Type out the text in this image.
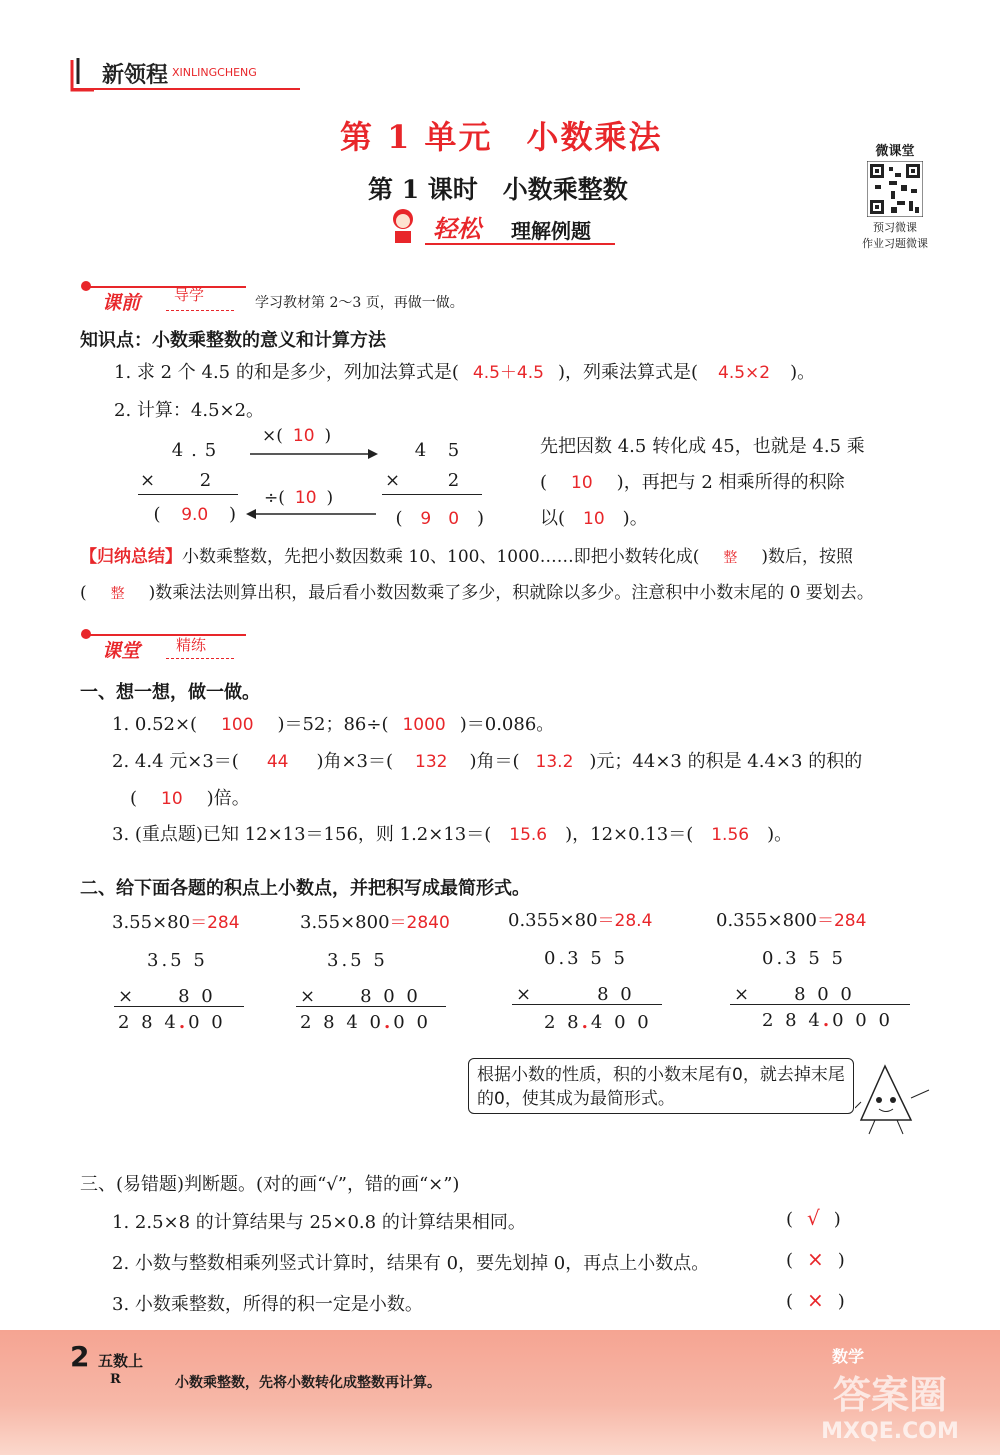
新领程 XINLINGCHENG
第 1 单元　小数乘法
第 1 课时　小数乘整数
轻松 理解例题
微课堂
预习微课
作业习题微课
课前 导学	学习教材第 2～3 页，再做一做。
知识点：小数乘整数的意义和计算方法
1. 求 2 个 4.5 的和是多少，列加法算式是( 4.5＋4.5 )，列乘法算式是( 4.5×2 )。
2. 计算：4.5×2。
4 . 5
× 2
( 9.0 )
×( 10 )
÷( 10 )
4 5
×	2
( 9　0 )
先把因数 4.5 转化成 45，也就是 4.5 乘
( 10 )，再把与 2 相乘所得的积除
以( 10 )。
【归纳总结】小数乘整数，先把小数因数乘 10、100、1000……即把小数转化成( 整 )数后，按照
( 整 )数乘法法则算出积，最后看小数因数乘了多少，积就除以多少。注意积中小数末尾的 0 要划去。
课堂 精练
一、想一想，做一做。
1. 0.52×( 100 )＝52；86÷( 1000 )＝0.086。
2. 4.4 元×3＝( 44 )角×3＝( 132 )角＝( 13.2 )元；44×3 的积是 4.4×3 的积的
( 10 )倍。
3. (重点题)已知 12×13＝156，则 1.2×13＝( 15.6 )，12×0.13＝( 1.56 )。
二、给下面各题的积点上小数点，并把积写成最简形式。
3.55×80＝284
3.5 5
×　　8 0
2 8 4.0 0
3.55×800＝2840
3.5 5
×　　8 0 0
2 8 4 0.0 0
0.355×80＝28.4
0.3 5 5
×　　　8 0
2 8.4 0 0
0.355×800＝284
0.3 5 5
×　　8 0 0
2 8 4.0 0 0
根据小数的性质，积的小数末尾有0，就去掉末尾的0，使其成为最简形式。
三、(易错题)判断题。(对的画“√”，错的画“×”)
1. 2.5×8 的计算结果与 25×0.8 的计算结果相同。	( √ )
2. 小数与整数相乘列竖式计算时，结果有 0，要先划掉 0，再点上小数点。	( × )
3. 小数乘整数，所得的积一定是小数。	( × )
2 五数上
R	小数乘整数，先将小数转化成整数再计算。
数学
答案圈
MXQE.COM
